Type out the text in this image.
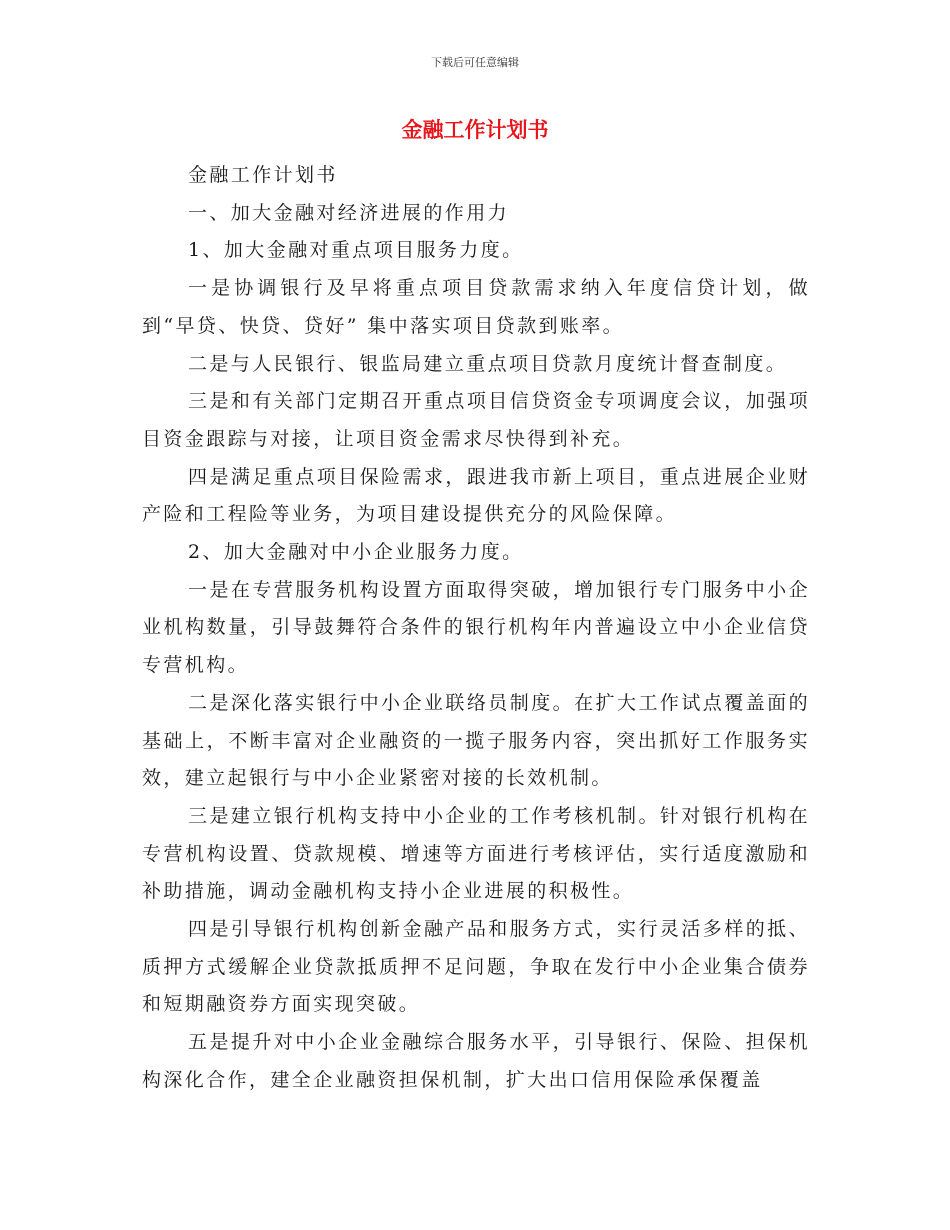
下载后可任意编辑
金融工作计划书

金融工作计划书

一、加大金融对经济进展的作用力

1、加大金融对重点项目服务力度。

一是协调银行及早将重点项目贷款需求纳入年度信贷计划，做到“早贷、快贷、贷好” 集中落实项目贷款到账率。

二是与人民银行、银监局建立重点项目贷款月度统计督查制度。

三是和有关部门定期召开重点项目信贷资金专项调度会议，加强项目资金跟踪与对接，让项目资金需求尽快得到补充。

四是满足重点项目保险需求，跟进我市新上项目，重点进展企业财产险和工程险等业务，为项目建设提供充分的风险保障。

2、加大金融对中小企业服务力度。

一是在专营服务机构设置方面取得突破，增加银行专门服务中小企业机构数量，引导鼓舞符合条件的银行机构年内普遍设立中小企业信贷专营机构。

二是深化落实银行中小企业联络员制度。在扩大工作试点覆盖面的基础上，不断丰富对企业融资的一揽子服务内容，突出抓好工作服务实效，建立起银行与中小企业紧密对接的长效机制。

三是建立银行机构支持中小企业的工作考核机制。针对银行机构在专营机构设置、贷款规模、增速等方面进行考核评估，实行适度激励和补助措施，调动金融机构支持小企业进展的积极性。

四是引导银行机构创新金融产品和服务方式，实行灵活多样的抵、质押方式缓解企业贷款抵质押不足问题，争取在发行中小企业集合债券和短期融资券方面实现突破。

五是提升对中小企业金融综合服务水平，引导银行、保险、担保机构深化合作，建全企业融资担保机制，扩大出口信用保险承保覆盖
